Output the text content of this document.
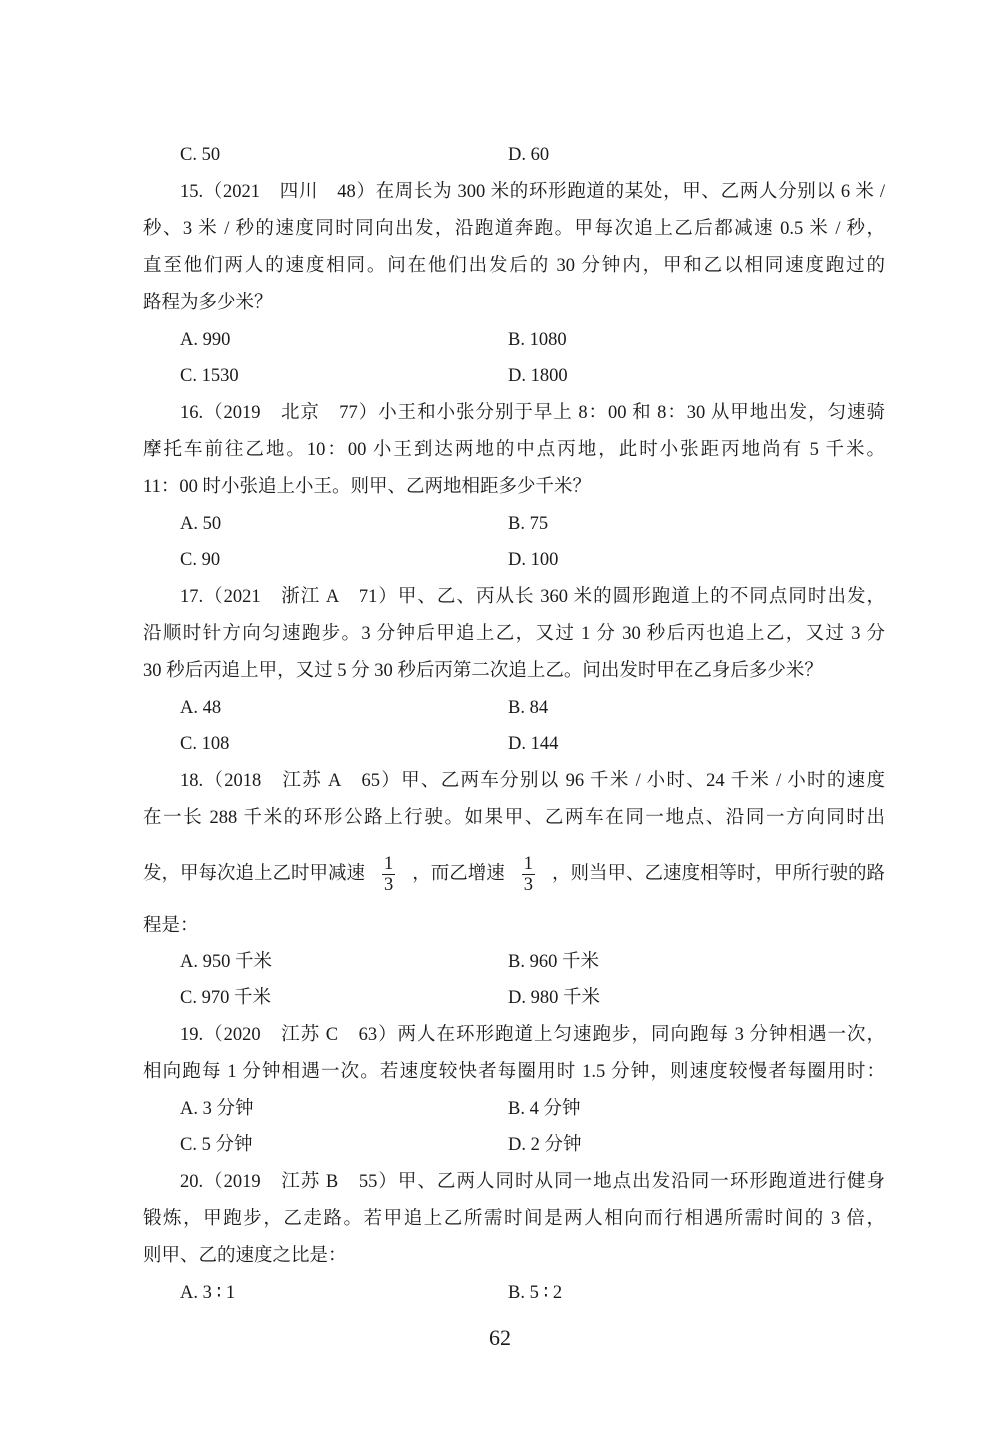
C. 50	D. 60
15.（2021　四川　48）在周长为 300 米的环形跑道的某处，甲、乙两人分别以 6 米 /
秒、3 米 / 秒的速度同时同向出发，沿跑道奔跑。甲每次追上乙后都减速 0.5 米 / 秒，
直至他们两人的速度相同。问在他们出发后的 30 分钟内，甲和乙以相同速度跑过的
路程为多少米？
A. 990	B. 1080
C. 1530	D. 1800
16.（2019　北京　77）小王和小张分别于早上 8：00 和 8：30 从甲地出发，匀速骑
摩托车前往乙地。10：00 小王到达两地的中点丙地，此时小张距丙地尚有 5 千米。
11：00 时小张追上小王。则甲、乙两地相距多少千米？
A. 50	B. 75
C. 90	D. 100
17.（2021　浙江 A　71）甲、乙、丙从长 360 米的圆形跑道上的不同点同时出发，
沿顺时针方向匀速跑步。3 分钟后甲追上乙，又过 1 分 30 秒后丙也追上乙，又过 3 分
30 秒后丙追上甲，又过 5 分 30 秒后丙第二次追上乙。问出发时甲在乙身后多少米？
A. 48	B. 84
C. 108	D. 144
18.（2018　江苏 A　65）甲、乙两车分别以 96 千米 / 小时、24 千米 / 小时的速度
在一长 288 千米的环形公路上行驶。如果甲、乙两车在同一地点、沿同一方向同时出
发，甲每次追上乙时甲减速 $\frac{1}{3}$ ，而乙增速 $\frac{1}{3}$ ，则当甲、乙速度相等时，甲所行驶的路
程是：
A. 950 千米	B. 960 千米
C. 970 千米	D. 980 千米
19.（2020　江苏 C　63）两人在环形跑道上匀速跑步，同向跑每 3 分钟相遇一次，
相向跑每 1 分钟相遇一次。若速度较快者每圈用时 1.5 分钟，则速度较慢者每圈用时：
A. 3 分钟	B. 4 分钟
C. 5 分钟	D. 2 分钟
20.（2019　江苏 B　55）甲、乙两人同时从同一地点出发沿同一环形跑道进行健身
锻炼，甲跑步，乙走路。若甲追上乙所需时间是两人相向而行相遇所需时间的 3 倍，
则甲、乙的速度之比是：
A. 3 ∶ 1	B. 5 ∶ 2
62
